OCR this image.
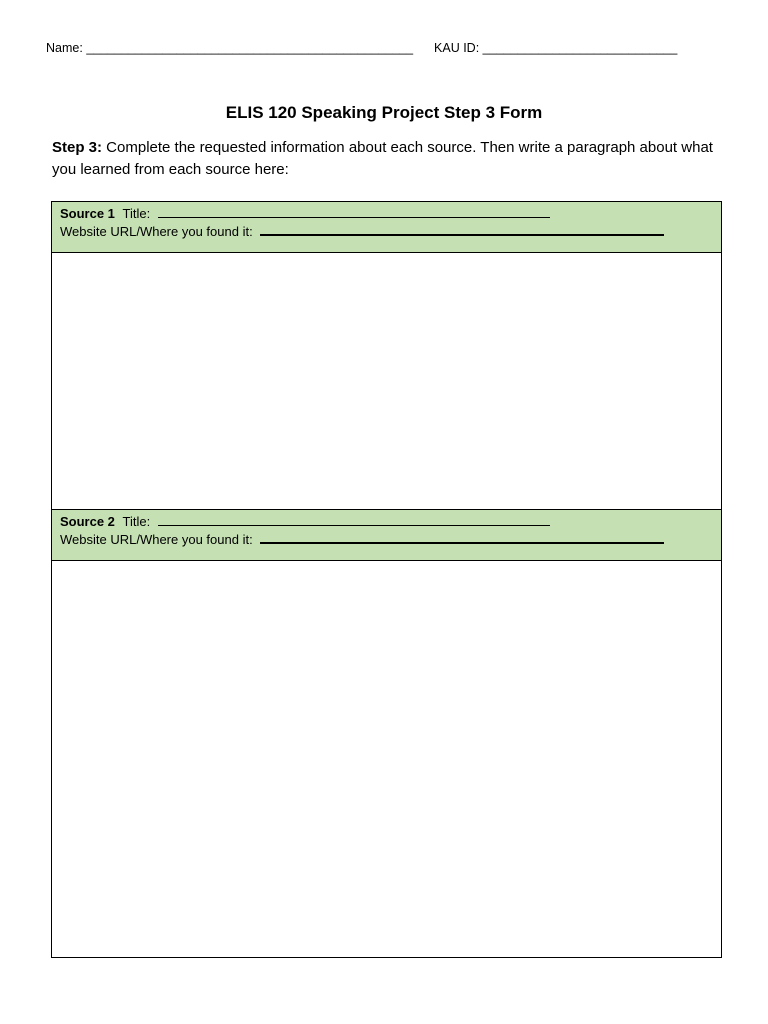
Name: _______________________________________________ KAU ID: ____________________________
ELIS 120 Speaking Project Step 3 Form
Step 3: Complete the requested information about each source. Then write a paragraph about what you learned from each source here:
Source 1 Title:
Website URL/Where you found it:
Source 2 Title:
Website URL/Where you found it:
